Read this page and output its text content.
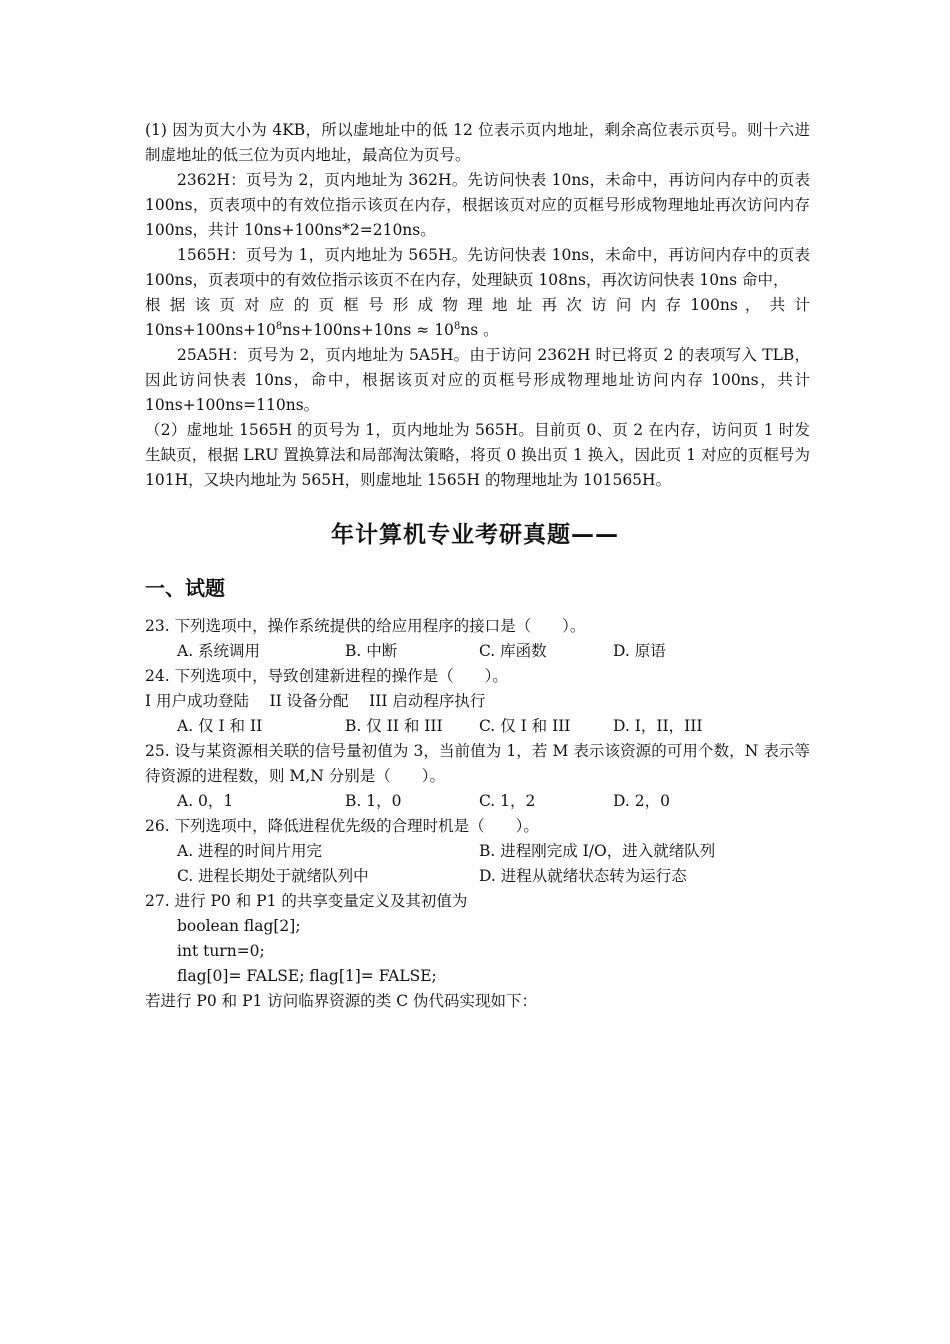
(1) 因为页大小为 4KB，所以虚地址中的低 12 位表示页内地址，剩余高位表示页号。则十六进制虚地址的低三位为页内地址，最高位为页号。

2362H：页号为 2，页内地址为 362H。先访问快表 10ns，未命中，再访问内存中的页表 100ns，页表项中的有效位指示该页在内存，根据该页对应的页框号形成物理地址再次访问内存 100ns，共计 10ns+100ns*2=210ns。

1565H：页号为 1，页内地址为 565H。先访问快表 10ns，未命中，再访问内存中的页表 100ns，页表项中的有效位指示该页不在内存，处理缺页 108ns，再次访问快表 10ns 命中，

根 据 该 页 对 应 的 页 框 号 形 成 物 理 地 址 再 次 访 问 内 存 100ns ， 共 计

$10ns+100ns+10^8ns+100ns+10ns \approx 10^8ns$ 。

25A5H：页号为 2，页内地址为 5A5H。由于访问 2362H 时已将页 2 的表项写入 TLB，因此访问快表 10ns，命中，根据该页对应的页框号形成物理地址访问内存 100ns，共计 10ns+100ns=110ns。

（2）虚地址 1565H 的页号为 1，页内地址为 565H。目前页 0、页 2 在内存，访问页 1 时发生缺页，根据 LRU 置换算法和局部淘汰策略，将页 0 换出页 1 换入，因此页 1 对应的页框号为 101H，又块内地址为 565H，则虚地址 1565H 的物理地址为 101565H。

年计算机专业考研真题——
一、试题
23. 下列选项中，操作系统提供的给应用程序的接口是（　　）。
A. 系统调用	B. 中断	C. 库函数	D. 原语
24. 下列选项中，导致创建新进程的操作是（　　）。
I 用户成功登陆　 II 设备分配　 III 启动程序执行
A. 仅 I 和 II	B. 仅 II 和 III	C. 仅 I 和 III	D. I，II，III
25. 设与某资源相关联的信号量初值为 3，当前值为 1，若 M 表示该资源的可用个数，N 表示等待资源的进程数，则 M,N 分别是（　　）。
A. 0，1	B. 1，0	C. 1，2	D. 2，0
26. 下列选项中，降低进程优先级的合理时机是（　　）。
A. 进程的时间片用完	B. 进程刚完成 I/O，进入就绪队列
C. 进程长期处于就绪队列中	D. 进程从就绪状态转为运行态
27. 进行 P0 和 P1 的共享变量定义及其初值为
boolean flag[2];
int turn=0;
flag[0]= FALSE; flag[1]= FALSE;
若进行 P0 和 P1 访问临界资源的类 C 伪代码实现如下：
